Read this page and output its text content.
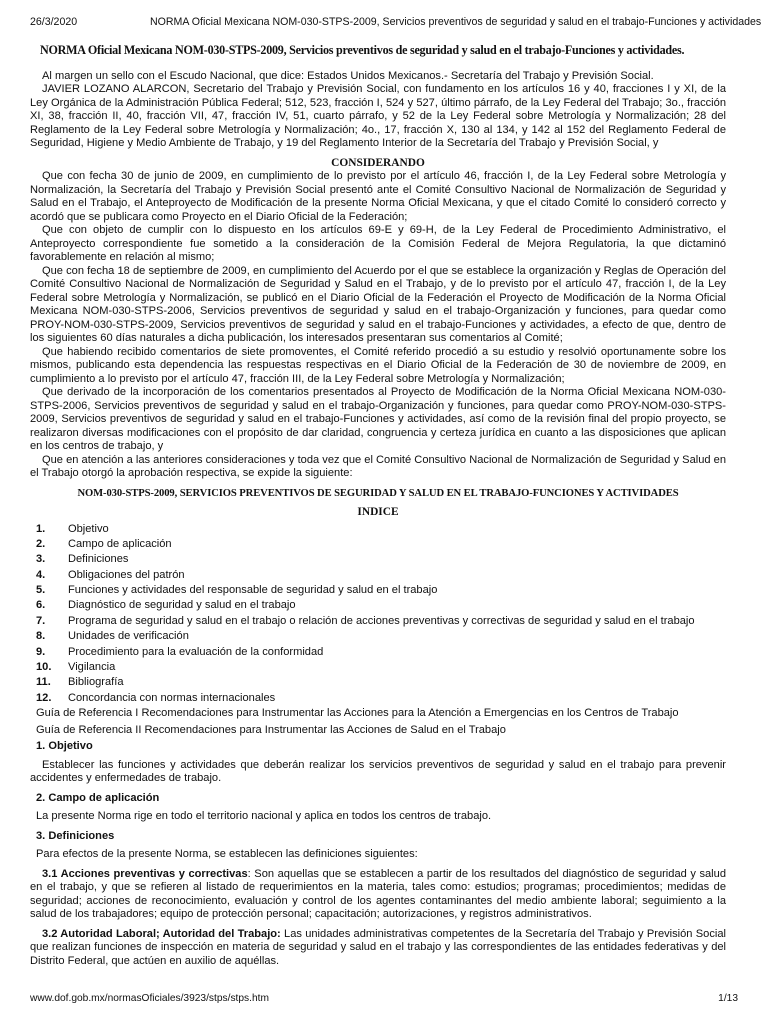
26/3/2020	NORMA Oficial Mexicana NOM-030-STPS-2009, Servicios preventivos de seguridad y salud en el trabajo-Funciones y actividades

NORMA Oficial Mexicana NOM-030-STPS-2009, Servicios preventivos de seguridad y salud en el trabajo-Funciones y actividades.

Al margen un sello con el Escudo Nacional, que dice: Estados Unidos Mexicanos.- Secretaría del Trabajo y Previsión Social.

JAVIER LOZANO ALARCON, Secretario del Trabajo y Previsión Social, con fundamento en los artículos 16 y 40, fracciones I y XI, de la Ley Orgánica de la Administración Pública Federal; 512, 523, fracción I, 524 y 527, último párrafo, de la Ley Federal del Trabajo; 3o., fracción XI, 38, fracción II, 40, fracción VII, 47, fracción IV, 51, cuarto párrafo, y 52 de la Ley Federal sobre Metrología y Normalización; 28 del Reglamento de la Ley Federal sobre Metrología y Normalización; 4o., 17, fracción X, 130 al 134, y 142 al 152 del Reglamento Federal de Seguridad, Higiene y Medio Ambiente de Trabajo, y 19 del Reglamento Interior de la Secretaría del Trabajo y Previsión Social, y

CONSIDERANDO

Que con fecha 30 de junio de 2009, en cumplimiento de lo previsto por el artículo 46, fracción I, de la Ley Federal sobre Metrología y Normalización, la Secretaría del Trabajo y Previsión Social presentó ante el Comité Consultivo Nacional de Normalización de Seguridad y Salud en el Trabajo, el Anteproyecto de Modificación de la presente Norma Oficial Mexicana, y que el citado Comité lo consideró correcto y acordó que se publicara como Proyecto en el Diario Oficial de la Federación;

Que con objeto de cumplir con lo dispuesto en los artículos 69-E y 69-H, de la Ley Federal de Procedimiento Administrativo, el Anteproyecto correspondiente fue sometido a la consideración de la Comisión Federal de Mejora Regulatoria, la que dictaminó favorablemente en relación al mismo;

Que con fecha 18 de septiembre de 2009, en cumplimiento del Acuerdo por el que se establece la organización y Reglas de Operación del Comité Consultivo Nacional de Normalización de Seguridad y Salud en el Trabajo, y de lo previsto por el artículo 47, fracción I, de la Ley Federal sobre Metrología y Normalización, se publicó en el Diario Oficial de la Federación el Proyecto de Modificación de la Norma Oficial Mexicana NOM-030-STPS-2006, Servicios preventivos de seguridad y salud en el trabajo-Organización y funciones, para quedar como PROY-NOM-030-STPS-2009, Servicios preventivos de seguridad y salud en el trabajo-Funciones y actividades, a efecto de que, dentro de los siguientes 60 días naturales a dicha publicación, los interesados presentaran sus comentarios al Comité;

Que habiendo recibido comentarios de siete promoventes, el Comité referido procedió a su estudio y resolvió oportunamente sobre los mismos, publicando esta dependencia las respuestas respectivas en el Diario Oficial de la Federación de 30 de noviembre de 2009, en cumplimiento a lo previsto por el artículo 47, fracción III, de la Ley Federal sobre Metrología y Normalización;

Que derivado de la incorporación de los comentarios presentados al Proyecto de Modificación de la Norma Oficial Mexicana NOM-030-STPS-2006, Servicios preventivos de seguridad y salud en el trabajo-Organización y funciones, para quedar como PROY-NOM-030-STPS-2009, Servicios preventivos de seguridad y salud en el trabajo-Funciones y actividades, así como de la revisión final del propio proyecto, se realizaron diversas modificaciones con el propósito de dar claridad, congruencia y certeza jurídica en cuanto a las disposiciones que aplican en los centros de trabajo, y

Que en atención a las anteriores consideraciones y toda vez que el Comité Consultivo Nacional de Normalización de Seguridad y Salud en el Trabajo otorgó la aprobación respectiva, se expide la siguiente:

NOM-030-STPS-2009, SERVICIOS PREVENTIVOS DE SEGURIDAD Y SALUD EN EL TRABAJO-FUNCIONES Y ACTIVIDADES

INDICE

1.	Objetivo
2.	Campo de aplicación
3.	Definiciones
4.	Obligaciones del patrón
5.	Funciones y actividades del responsable de seguridad y salud en el trabajo
6.	Diagnóstico de seguridad y salud en el trabajo
7.	Programa de seguridad y salud en el trabajo o relación de acciones preventivas y correctivas de seguridad y salud en el trabajo
8.	Unidades de verificación
9.	Procedimiento para la evaluación de la conformidad
10.	Vigilancia
11.	Bibliografía
12.	Concordancia con normas internacionales

Guía de Referencia I Recomendaciones para Instrumentar las Acciones para la Atención a Emergencias en los Centros de Trabajo

Guía de Referencia II Recomendaciones para Instrumentar las Acciones de Salud en el Trabajo

1. Objetivo

Establecer las funciones y actividades que deberán realizar los servicios preventivos de seguridad y salud en el trabajo para prevenir accidentes y enfermedades de trabajo.

2. Campo de aplicación

La presente Norma rige en todo el territorio nacional y aplica en todos los centros de trabajo.

3. Definiciones

Para efectos de la presente Norma, se establecen las definiciones siguientes:

3.1 Acciones preventivas y correctivas: Son aquellas que se establecen a partir de los resultados del diagnóstico de seguridad y salud en el trabajo, y que se refieren al listado de requerimientos en la materia, tales como: estudios; programas; procedimientos; medidas de seguridad; acciones de reconocimiento, evaluación y control de los agentes contaminantes del medio ambiente laboral; seguimiento a la salud de los trabajadores; equipo de protección personal; capacitación; autorizaciones, y registros administrativos.

3.2 Autoridad Laboral; Autoridad del Trabajo: Las unidades administrativas competentes de la Secretaría del Trabajo y Previsión Social que realizan funciones de inspección en materia de seguridad y salud en el trabajo y las correspondientes de las entidades federativas y del Distrito Federal, que actúen en auxilio de aquéllas.

www.dof.gob.mx/normasOficiales/3923/stps/stps.htm	1/13
